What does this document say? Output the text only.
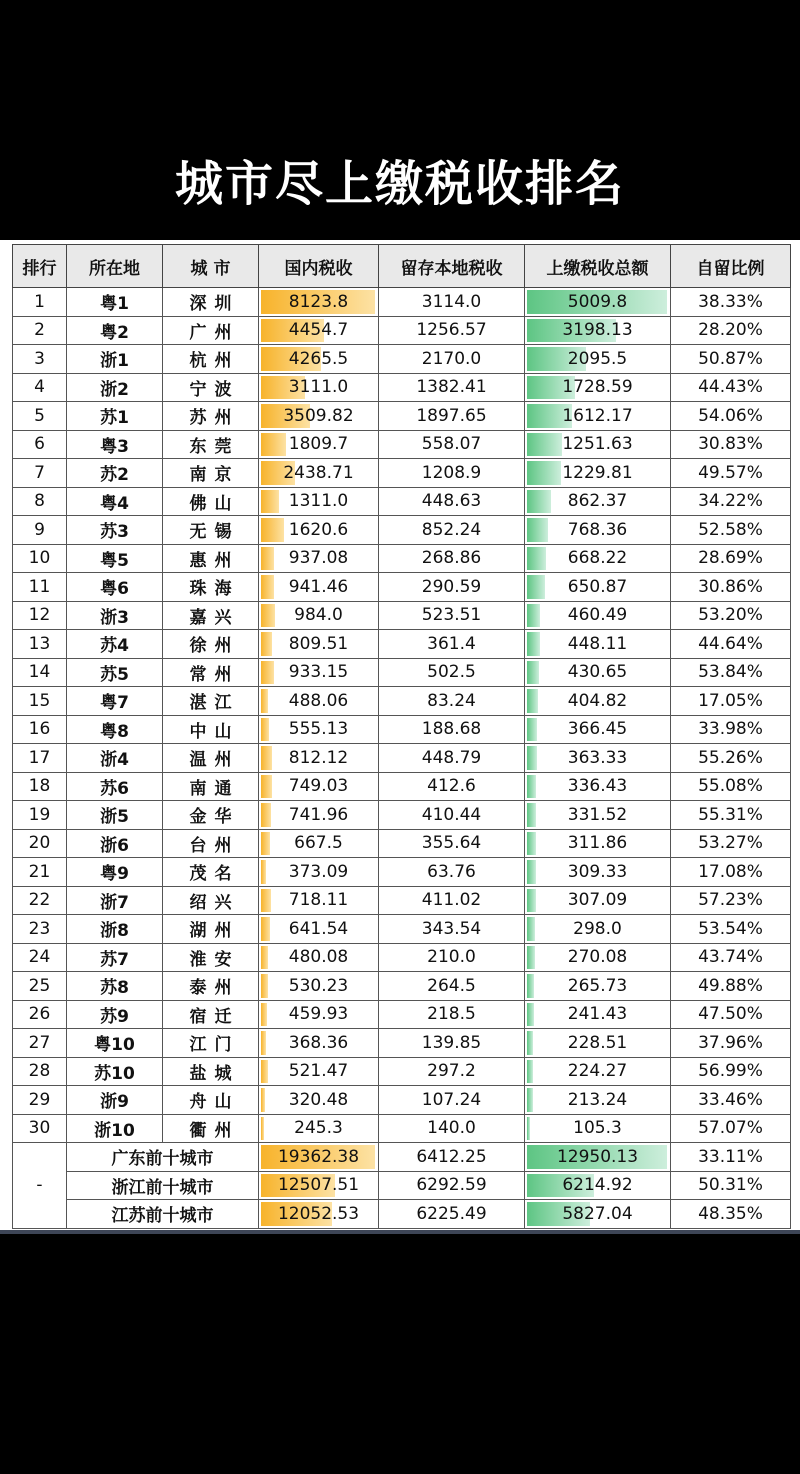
城市尽上缴税收排名
排行	所在地	城 市	国内税收	留存本地税收	上缴税收总额	自留比例
1	粤1	深圳	8123.8	3114.0	5009.8	38.33%
2	粤2	广州	4454.7	1256.57	3198.13	28.20%
3	浙1	杭州	4265.5	2170.0	2095.5	50.87%
4	浙2	宁波	3111.0	1382.41	1728.59	44.43%
5	苏1	苏州	3509.82	1897.65	1612.17	54.06%
6	粤3	东莞	1809.7	558.07	1251.63	30.83%
7	苏2	南京	2438.71	1208.9	1229.81	49.57%
8	粤4	佛山	1311.0	448.63	862.37	34.22%
9	苏3	无锡	1620.6	852.24	768.36	52.58%
10	粤5	惠州	937.08	268.86	668.22	28.69%
11	粤6	珠海	941.46	290.59	650.87	30.86%
12	浙3	嘉兴	984.0	523.51	460.49	53.20%
13	苏4	徐州	809.51	361.4	448.11	44.64%
14	苏5	常州	933.15	502.5	430.65	53.84%
15	粤7	湛江	488.06	83.24	404.82	17.05%
16	粤8	中山	555.13	188.68	366.45	33.98%
17	浙4	温州	812.12	448.79	363.33	55.26%
18	苏6	南通	749.03	412.6	336.43	55.08%
19	浙5	金华	741.96	410.44	331.52	55.31%
20	浙6	台州	667.5	355.64	311.86	53.27%
21	粤9	茂名	373.09	63.76	309.33	17.08%
22	浙7	绍兴	718.11	411.02	307.09	57.23%
23	浙8	湖州	641.54	343.54	298.0	53.54%
24	苏7	淮安	480.08	210.0	270.08	43.74%
25	苏8	泰州	530.23	264.5	265.73	49.88%
26	苏9	宿迁	459.93	218.5	241.43	47.50%
27	粤10	江门	368.36	139.85	228.51	37.96%
28	苏10	盐城	521.47	297.2	224.27	56.99%
29	浙9	舟山	320.48	107.24	213.24	33.46%
30	浙10	衢州	245.3	140.0	105.3	57.07%
-	广东前十城市		19362.38	6412.25	12950.13	33.11%
	浙江前十城市		12507.51	6292.59	6214.92	50.31%
	江苏前十城市		12052.53	6225.49	5827.04	48.35%
